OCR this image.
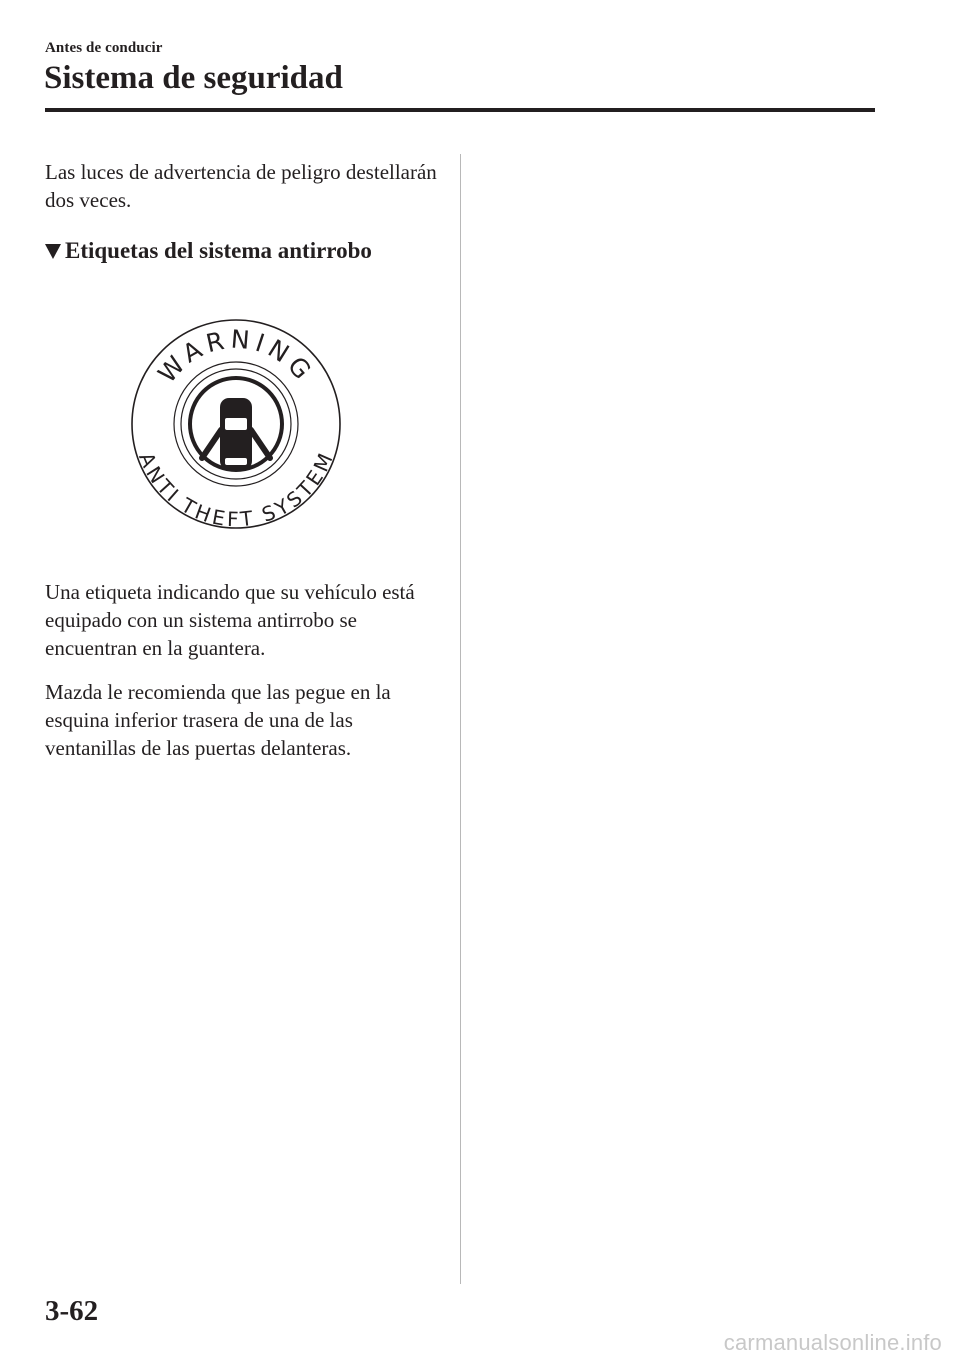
Antes de conducir
Sistema de seguridad

Las luces de advertencia de peligro destellarán dos veces.

Etiquetas del sistema antirrobo
WARNING
ANTI THEFT SYSTEM

Una etiqueta indicando que su vehículo está equipado con un sistema antirrobo se encuentran en la guantera.

Mazda le recomienda que las pegue en la esquina inferior trasera de una de las ventanillas de las puertas delanteras.

3-62
carmanualsonline.info
